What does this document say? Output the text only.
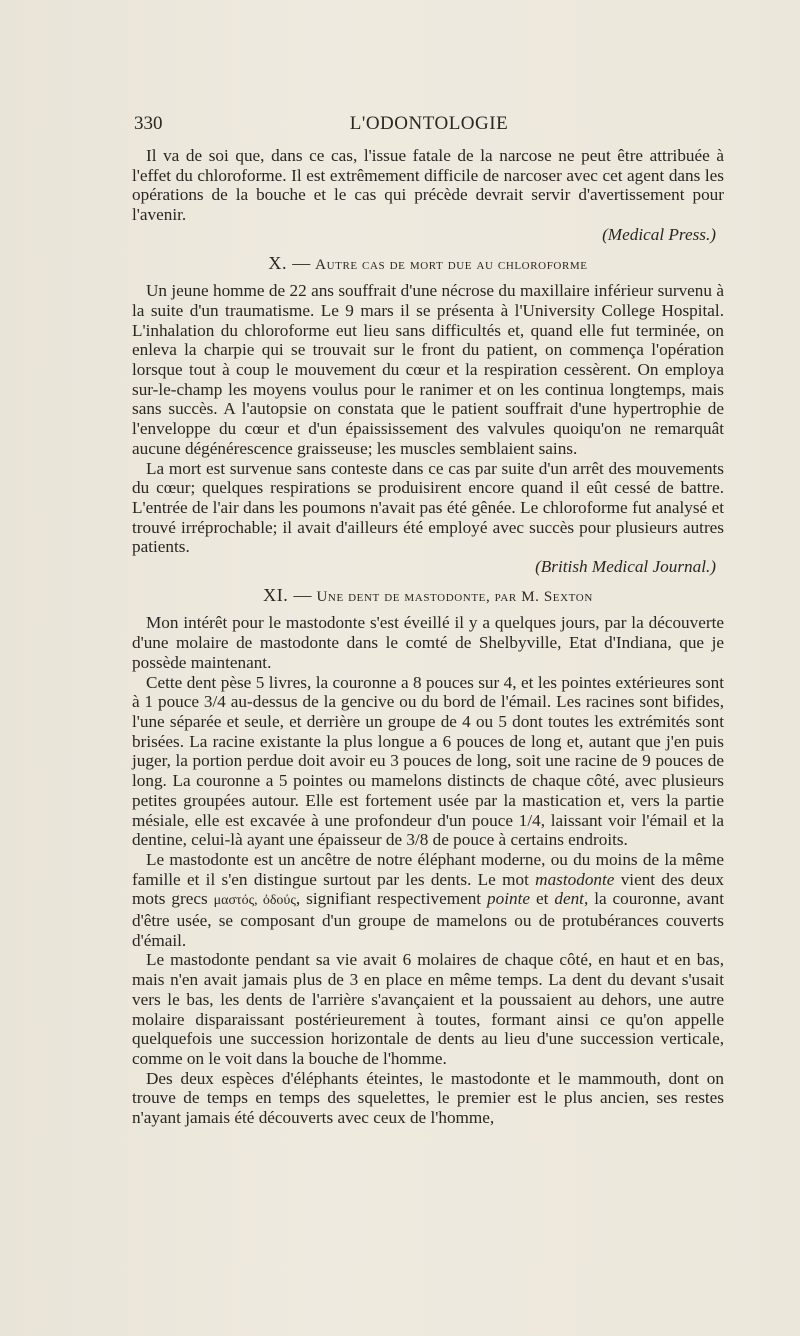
330	L'ODONTOLOGIE

Il va de soi que, dans ce cas, l'issue fatale de la narcose ne peut être attribuée à l'effet du chloroforme. Il est extrêmement difficile de narcoser avec cet agent dans les opérations de la bouche et le cas qui précède devrait servir d'avertissement pour l'avenir.

(Medical Press.)
X. — Autre cas de mort due au chloroforme

Un jeune homme de 22 ans souffrait d'une nécrose du maxillaire inférieur survenu à la suite d'un traumatisme. Le 9 mars il se présenta à l'University College Hospital. L'inhalation du chloroforme eut lieu sans difficultés et, quand elle fut terminée, on enleva la charpie qui se trouvait sur le front du patient, on commença l'opération lorsque tout à coup le mouvement du cœur et la respiration cessèrent. On employa sur-le-champ les moyens voulus pour le ranimer et on les continua longtemps, mais sans succès. A l'autopsie on constata que le patient souffrait d'une hypertrophie de l'enveloppe du cœur et d'un épaississement des valvules quoiqu'on ne remarquât aucune dégénérescence graisseuse; les muscles semblaient sains.

La mort est survenue sans conteste dans ce cas par suite d'un arrêt des mouvements du cœur; quelques respirations se produisirent encore quand il eût cessé de battre. L'entrée de l'air dans les poumons n'avait pas été gênée. Le chloroforme fut analysé et trouvé irréprochable; il avait d'ailleurs été employé avec succès pour plusieurs autres patients.

(British Medical Journal.)
XI. — Une dent de mastodonte, par M. Sexton

Mon intérêt pour le mastodonte s'est éveillé il y a quelques jours, par la découverte d'une molaire de mastodonte dans le comté de Shelbyville, Etat d'Indiana, que je possède maintenant.

Cette dent pèse 5 livres, la couronne a 8 pouces sur 4, et les pointes extérieures sont à 1 pouce 3/4 au-dessus de la gencive ou du bord de l'émail. Les racines sont bifides, l'une séparée et seule, et derrière un groupe de 4 ou 5 dont toutes les extrémités sont brisées. La racine existante la plus longue a 6 pouces de long et, autant que j'en puis juger, la portion perdue doit avoir eu 3 pouces de long, soit une racine de 9 pouces de long. La couronne a 5 pointes ou mamelons distincts de chaque côté, avec plusieurs petites groupées autour. Elle est fortement usée par la mastication et, vers la partie mésiale, elle est excavée à une profondeur d'un pouce 1/4, laissant voir l'émail et la dentine, celui-là ayant une épaisseur de 3/8 de pouce à certains endroits.

Le mastodonte est un ancêtre de notre éléphant moderne, ou du moins de la même famille et il s'en distingue surtout par les dents. Le mot mastodonte vient des deux mots grecs μαστός, ὀδούς, signifiant respectivement pointe et dent, la couronne, avant d'être usée, se composant d'un groupe de mamelons ou de protubérances couverts d'émail.

Le mastodonte pendant sa vie avait 6 molaires de chaque côté, en haut et en bas, mais n'en avait jamais plus de 3 en place en même temps. La dent du devant s'usait vers le bas, les dents de l'arrière s'avançaient et la poussaient au dehors, une autre molaire disparaissant postérieurement à toutes, formant ainsi ce qu'on appelle quelquefois une succession horizontale de dents au lieu d'une succession verticale, comme on le voit dans la bouche de l'homme.

Des deux espèces d'éléphants éteintes, le mastodonte et le mammouth, dont on trouve de temps en temps des squelettes, le premier est le plus ancien, ses restes n'ayant jamais été découverts avec ceux de l'homme,
